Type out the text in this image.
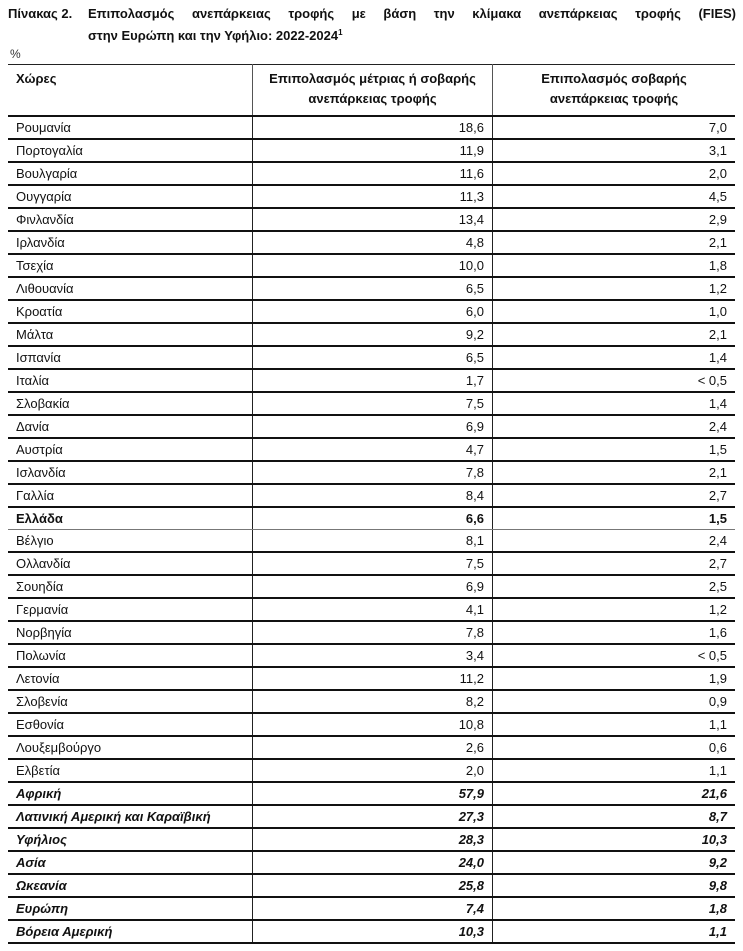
Πίνακας 2.	Επιπολασμός ανεπάρκειας τροφής με βάση την κλίμακα ανεπάρκειας τροφής (FIES)
στην Ευρώπη και την Υφήλιο: 2022-2024$^1$
%
Χώρες	Επιπολασμός μέτριας ή σοβαρής ανεπάρκειας τροφής	Επιπολασμός σοβαρής ανεπάρκειας τροφής
Ρουμανία	18,6	7,0
Πορτογαλία	11,9	3,1
Βουλγαρία	11,6	2,0
Ουγγαρία	11,3	4,5
Φινλανδία	13,4	2,9
Ιρλανδία	4,8	2,1
Τσεχία	10,0	1,8
Λιθουανία	6,5	1,2
Κροατία	6,0	1,0
Μάλτα	9,2	2,1
Ισπανία	6,5	1,4
Ιταλία	1,7	< 0,5
Σλοβακία	7,5	1,4
Δανία	6,9	2,4
Αυστρία	4,7	1,5
Ισλανδία	7,8	2,1
Γαλλία	8,4	2,7
Ελλάδα	6,6	1,5
Βέλγιο	8,1	2,4
Ολλανδία	7,5	2,7
Σουηδία	6,9	2,5
Γερμανία	4,1	1,2
Νορβηγία	7,8	1,6
Πολωνία	3,4	< 0,5
Λετονία	11,2	1,9
Σλοβενία	8,2	0,9
Εσθονία	10,8	1,1
Λουξεμβούργο	2,6	0,6
Ελβετία	2,0	1,1
Αφρική	57,9	21,6
Λατινική Αμερική και Καραϊβική	27,3	8,7
Υφήλιος	28,3	10,3
Ασία	24,0	9,2
Ωκεανία	25,8	9,8
Ευρώπη	7,4	1,8
Βόρεια Αμερική	10,3	1,1
